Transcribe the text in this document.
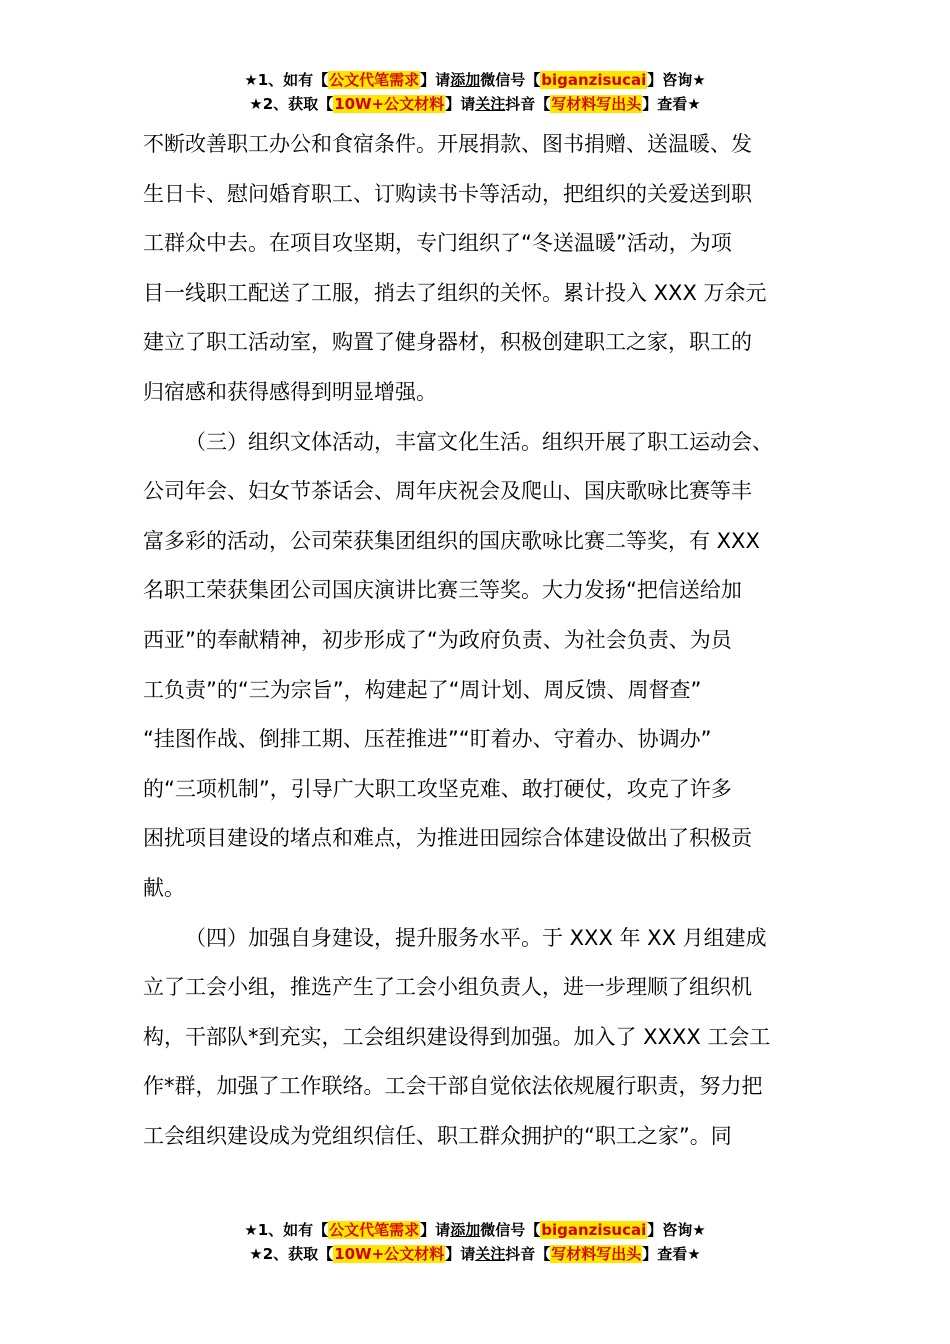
★1、如有【公文代笔需求】请添加微信号【biganzisucai】咨询★
★2、获取【10W+公文材料】请关注抖音【写材料写出头】查看★
不断改善职工办公和食宿条件。开展捐款、图书捐赠、送温暖、发
生日卡、慰问婚育职工、订购读书卡等活动，把组织的关爱送到职
工群众中去。在项目攻坚期，专门组织了“冬送温暖”活动，为项
目一线职工配送了工服，捎去了组织的关怀。累计投入 XXX 万余元
建立了职工活动室，购置了健身器材，积极创建职工之家，职工的
归宿感和获得感得到明显增强。
（三）组织文体活动，丰富文化生活。组织开展了职工运动会、
公司年会、妇女节茶话会、周年庆祝会及爬山、国庆歌咏比赛等丰
富多彩的活动，公司荣获集团组织的国庆歌咏比赛二等奖，有 XXX
名职工荣获集团公司国庆演讲比赛三等奖。大力发扬“把信送给加
西亚”的奉献精神，初步形成了“为政府负责、为社会负责、为员
工负责”的“三为宗旨”，构建起了“周计划、周反馈、周督查”
“挂图作战、倒排工期、压茬推进”“盯着办、守着办、协调办”
的“三项机制”，引导广大职工攻坚克难、敢打硬仗，攻克了许多
困扰项目建设的堵点和难点，为推进田园综合体建设做出了积极贡
献。
（四）加强自身建设，提升服务水平。于 XXX 年 XX 月组建成
立了工会小组，推选产生了工会小组负责人，进一步理顺了组织机
构，干部队*到充实，工会组织建设得到加强。加入了 XXXX 工会工
作*群，加强了工作联络。工会干部自觉依法依规履行职责，努力把
工会组织建设成为党组织信任、职工群众拥护的“职工之家”。同
★1、如有【公文代笔需求】请添加微信号【biganzisucai】咨询★
★2、获取【10W+公文材料】请关注抖音【写材料写出头】查看★
